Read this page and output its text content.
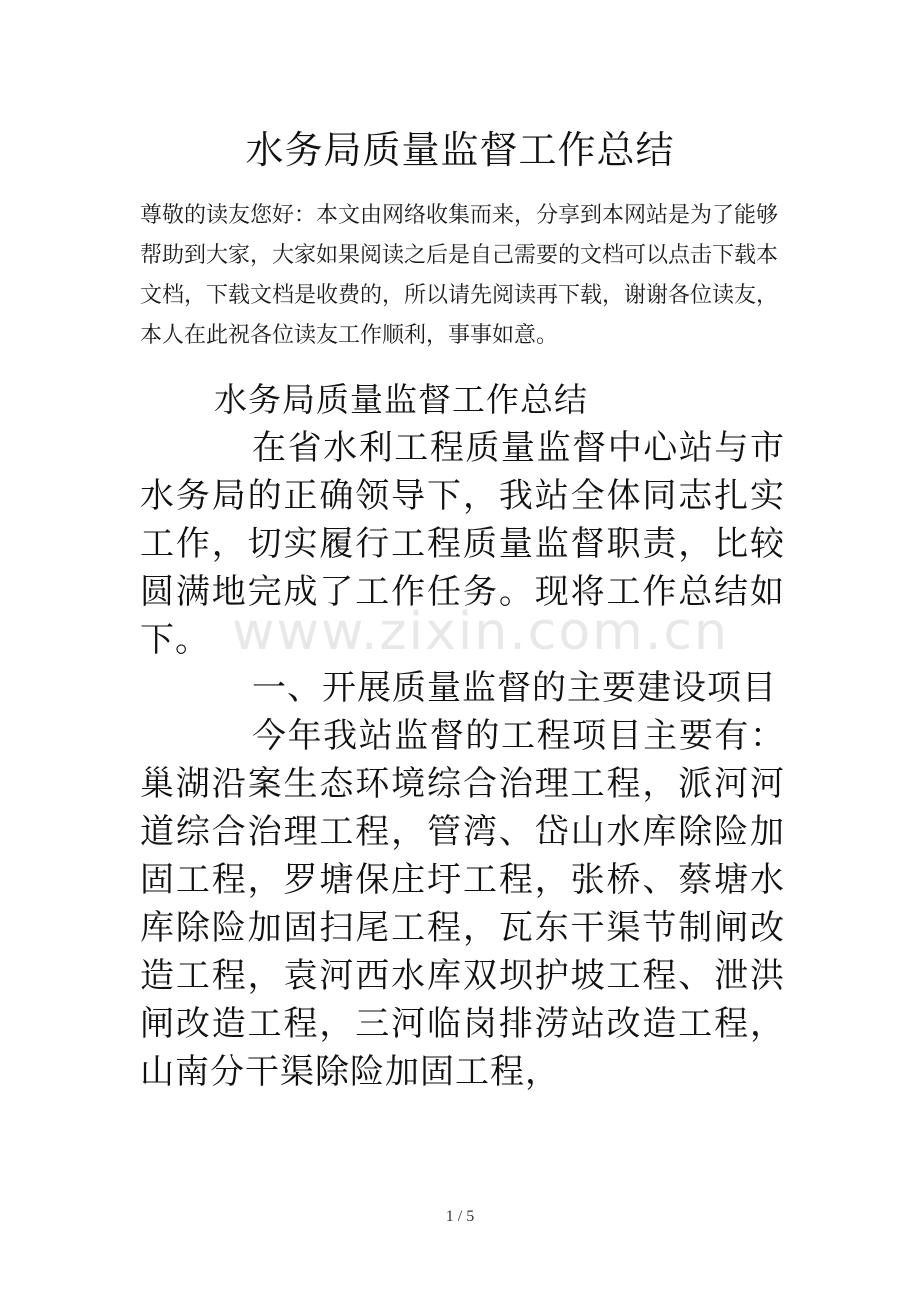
水务局质量监督工作总结

尊敬的读友您好：本文由网络收集而来，分享到本网站是为了能够帮助到大家，大家如果阅读之后是自己需要的文档可以点击下载本文档，下载文档是收费的，所以请先阅读再下载，谢谢各位读友，本人在此祝各位读友工作顺利，事事如意。

水务局质量监督工作总结

在省水利工程质量监督中心站与市水务局的正确领导下，我站全体同志扎实工作，切实履行工程质量监督职责，比较圆满地完成了工作任务。现将工作总结如下。

一、开展质量监督的主要建设项目

今年我站监督的工程项目主要有：巢湖沿案生态环境综合治理工程，派河河道综合治理工程，管湾、岱山水库除险加固工程，罗塘保庄圩工程，张桥、蔡塘水库除险加固扫尾工程，瓦东干渠节制闸改造工程，袁河西水库双坝护坡工程、泄洪闸改造工程，三河临岗排涝站改造工程，山南分干渠除险加固工程，

www.zixin.com.cn
1 / 5
